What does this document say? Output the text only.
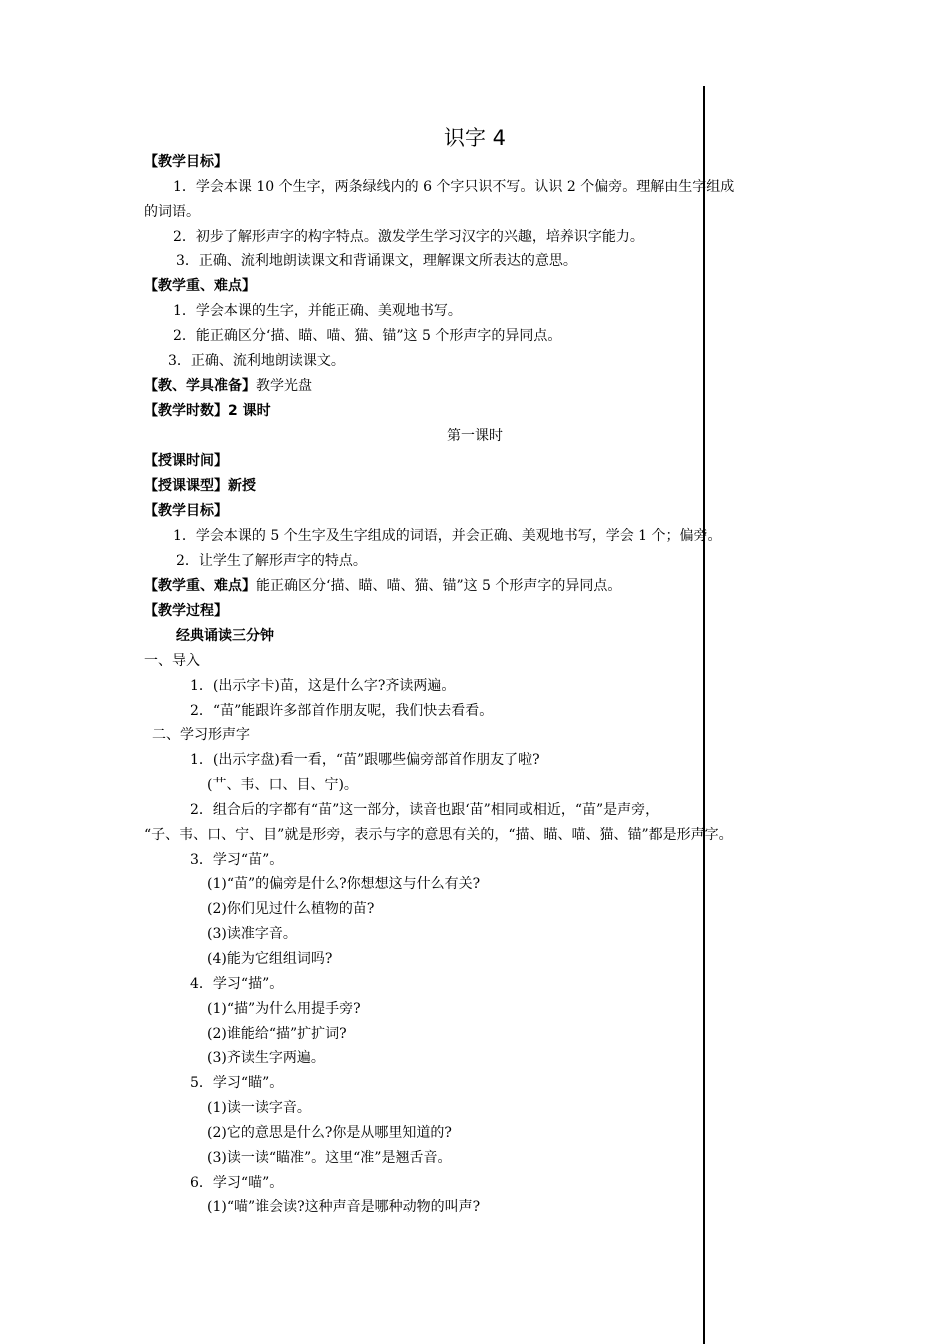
识字 4
【教学目标】
1．学会本课 10 个生字，两条绿线内的 6 个字只识不写。认识 2 个偏旁。理解由生字组成
的词语。
2．初步了解形声字的构字特点。激发学生学习汉字的兴趣，培养识字能力。
3．正确、流利地朗读课文和背诵课文，理解课文所表达的意思。
【教学重、难点】
1．学会本课的生字，并能正确、美观地书写。
2．能正确区分‘描、瞄、喵、猫、锚”这 5 个形声字的异同点。
3．正确、流利地朗读课文。
【教、学具准备】教学光盘
【教学时数】2 课时
第一课时
【授课时间】
【授课课型】新授
【教学目标】
1．学会本课的 5 个生字及生字组成的词语，并会正确、美观地书写，学会 1 个；偏旁。
2．让学生了解形声字的特点。
【教学重、难点】能正确区分‘描、瞄、喵、猫、锚”这 5 个形声字的异同点。
【教学过程】
经典诵读三分钟
一、导入
1．(出示字卡)苗，这是什么字?齐读两遍。
2．“苗”能跟许多部首作朋友呢，我们快去看看。
二、学习形声字
1．(出示字盘)看一看，“苗”跟哪些偏旁部首作朋友了啦?
(艹、韦、口、目、宁)。
2．组合后的字都有“苗”这一部分，读音也跟‘苗”相同或相近，“苗”是声旁，
“子、韦、口、宁、目”就是形旁，表示与字的意思有关的，“描、瞄、喵、猫、锚”都是形声字。
3．学习“苗”。
(1)“苗”的偏旁是什么?你想想这与什么有关?
(2)你们见过什么植物的苗?
(3)读准字音。
(4)能为它组组词吗?
4．学习“描”。
(1)“描”为什么用提手旁?
(2)谁能给“描”扩扩词?
(3)齐读生字两遍。
5．学习“瞄”。
(1)读一读字音。
(2)它的意思是什么?你是从哪里知道的?
(3)读一读“瞄准”。这里“准”是翘舌音。
6．学习“喵”。
(1)“喵”谁会读?这种声音是哪种动物的叫声?
